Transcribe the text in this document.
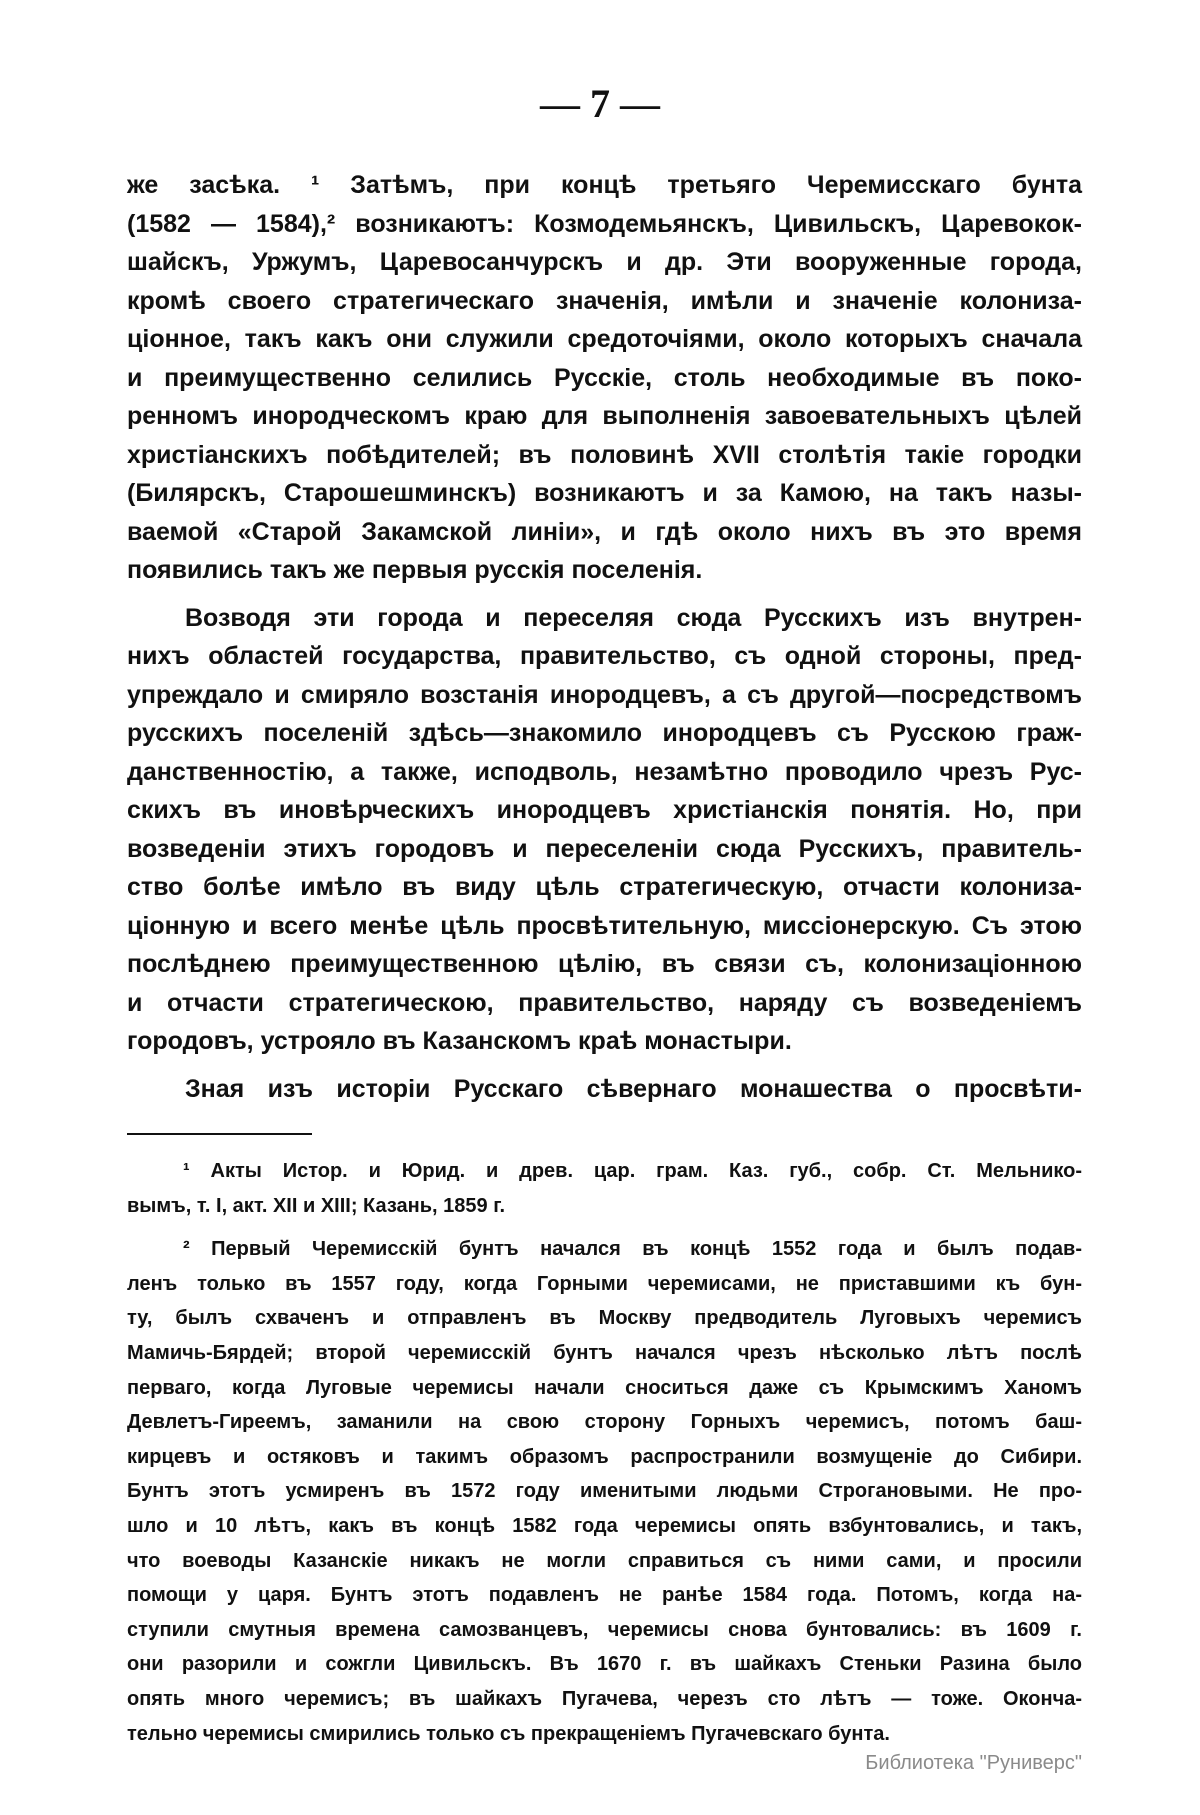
— 7 —
же засѣка. ¹ Затѣмъ, при концѣ третьяго Черемисскаго бунта
(1582 — 1584),² возникаютъ: Козмодемьянскъ, Цивильскъ, Царевокок-
шайскъ, Уржумъ, Царевосанчурскъ и др. Эти вооруженные города,
кромѣ своего стратегическаго значенія, имѣли и значеніе колониза-
ціонное, такъ какъ они служили средоточіями, около которыхъ сначала
и преимущественно селились Русскіе, столь необходимые въ поко-
ренномъ инородческомъ краю для выполненія завоевательныхъ цѣлей
христіанскихъ побѣдителей; въ половинѣ XVII столѣтія такіе городки
(Билярскъ, Старошешминскъ) возникаютъ и за Камою, на такъ назы-
ваемой «Старой Закамской линіи», и гдѣ около нихъ въ это время
появились такъ же первыя русскія поселенія.
Возводя эти города и переселяя сюда Русскихъ изъ внутрен-
нихъ областей государства, правительство, съ одной стороны, пред-
упреждало и смиряло возстанія инородцевъ, а съ другой—посредствомъ
русскихъ поселеній здѣсь—знакомило инородцевъ съ Русскою граж-
данственностію, а также, исподволь, незамѣтно проводило чрезъ Рус-
скихъ въ иновѣрческихъ инородцевъ христіанскія понятія. Но, при
возведеніи этихъ городовъ и переселеніи сюда Русскихъ, правитель-
ство болѣе имѣло въ виду цѣль стратегическую, отчасти колониза-
ціонную и всего менѣе цѣль просвѣтительную, миссіонерскую. Съ этою
послѣднею преимущественною цѣлію, въ связи съ, колонизаціонною
и отчасти стратегическою, правительство, наряду съ возведеніемъ
городовъ, устрояло въ Казанскомъ краѣ монастыри.
Зная изъ исторіи Русскаго сѣвернаго монашества о просвѣти-
¹ Акты Истор. и Юрид. и древ. цар. грам. Каз. губ., собр. Ст. Мельнико-
вымъ, т. I, акт. XII и XIII; Казань, 1859 г.
² Первый Черемисскій бунтъ начался въ концѣ 1552 года и былъ подав-
ленъ только въ 1557 году, когда Горными черемисами, не приставшими къ бун-
ту, былъ схваченъ и отправленъ въ Москву предводитель Луговыхъ черемисъ
Мамичь-Бярдей; второй черемисскій бунтъ начался чрезъ нѣсколько лѣтъ послѣ
перваго, когда Луговые черемисы начали сноситься даже съ Крымскимъ Ханомъ
Девлетъ-Гиреемъ, заманили на свою сторону Горныхъ черемисъ, потомъ баш-
кирцевъ и остяковъ и такимъ образомъ распространили возмущеніе до Сибири.
Бунтъ этотъ усмиренъ въ 1572 году именитыми людьми Строгановыми. Не про-
шло и 10 лѣтъ, какъ въ концѣ 1582 года черемисы опять взбунтовались, и такъ,
что воеводы Казанскіе никакъ не могли справиться съ ними сами, и просили
помощи у царя. Бунтъ этотъ подавленъ не ранѣе 1584 года. Потомъ, когда на-
ступили смутныя времена самозванцевъ, черемисы снова бунтовались: въ 1609 г.
они разорили и сожгли Цивильскъ. Въ 1670 г. въ шайкахъ Стеньки Разина было
опять много черемисъ; въ шайкахъ Пугачева, черезъ сто лѣтъ — тоже. Оконча-
тельно черемисы смирились только съ прекращеніемъ Пугачевскаго бунта.
Библиотека "Руниверс"
